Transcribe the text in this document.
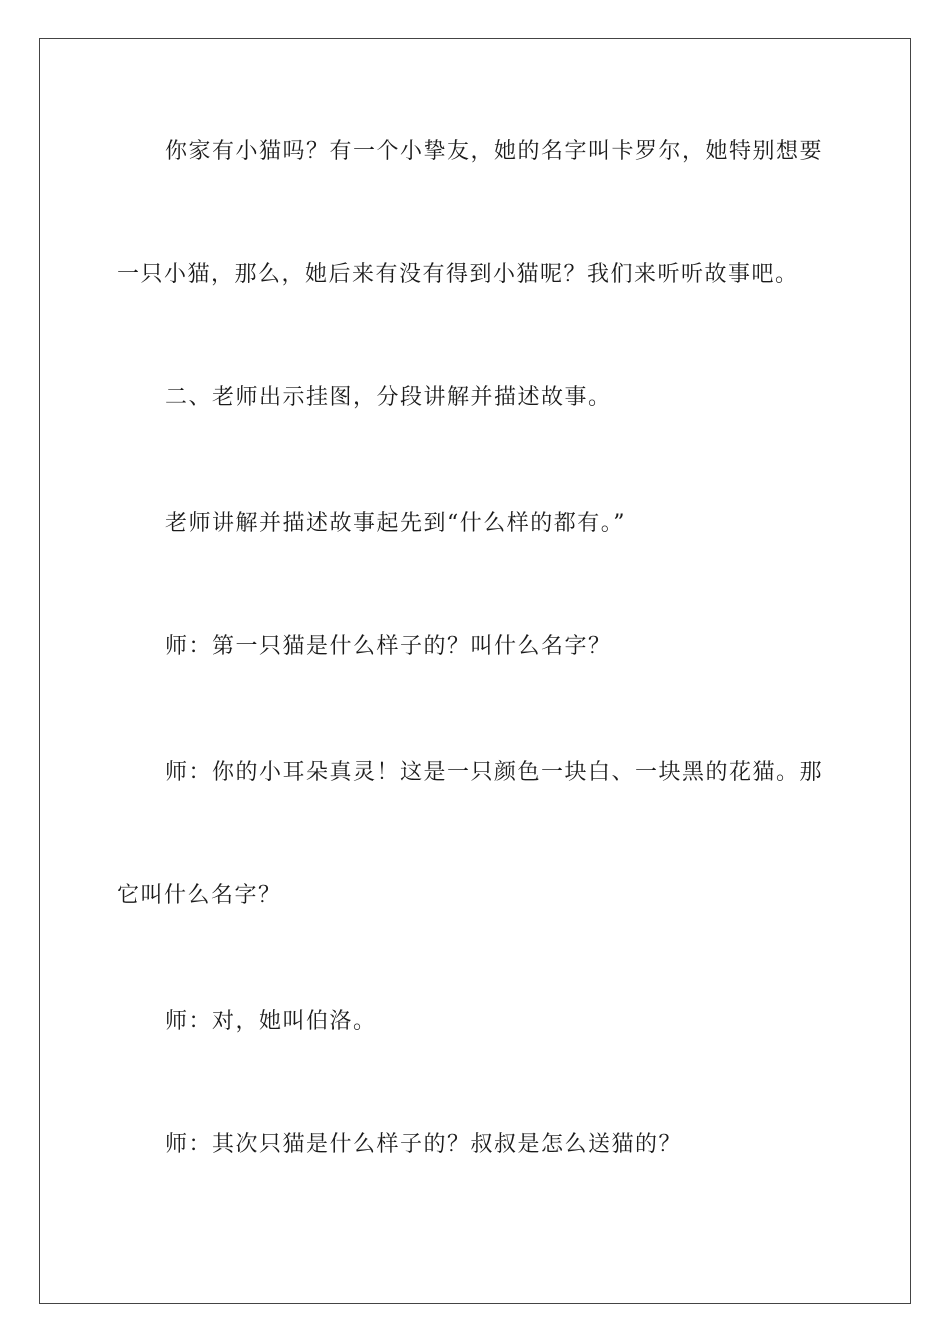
你家有小猫吗？有一个小挚友，她的名字叫卡罗尔，她特别想要
一只小猫，那么，她后来有没有得到小猫呢？我们来听听故事吧。
二、老师出示挂图，分段讲解并描述故事。
老师讲解并描述故事起先到“什么样的都有。”
师：第一只猫是什么样子的？叫什么名字？
师：你的小耳朵真灵！这是一只颜色一块白、一块黑的花猫。那
它叫什么名字？
师：对，她叫伯洛。
师：其次只猫是什么样子的？叔叔是怎么送猫的？
